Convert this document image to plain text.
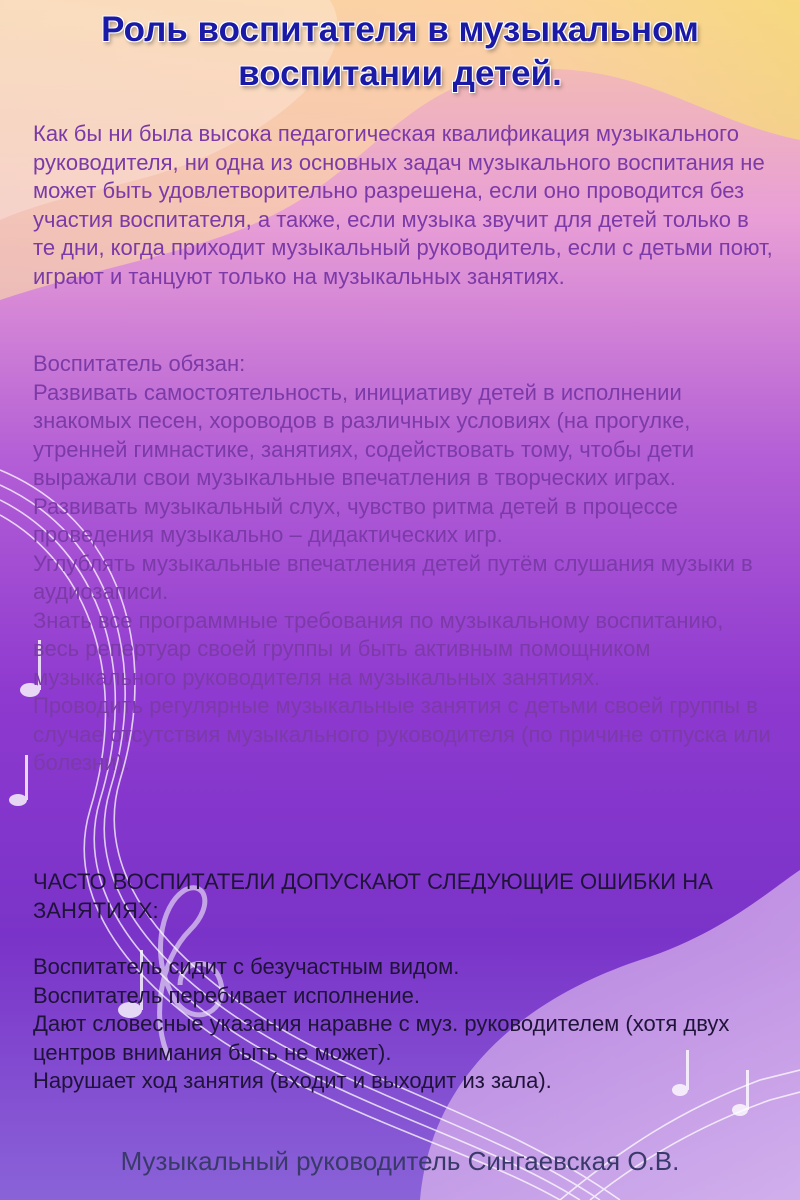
Роль воспитателя в музыкальном воспитании детей.

Как бы ни была высока педагогическая квалификация музыкального руководителя, ни одна из основных задач музыкального воспитания не может быть удовлетворительно разрешена, если оно проводится без участия воспитателя, а также, если музыка звучит для детей только в те дни, когда приходит музыкальный руководитель, если с детьми поют, играют и танцуют только на музыкальных занятиях.

Воспитатель обязан:

Развивать самостоятельность, инициативу детей в исполнении знакомых песен, хороводов в различных условиях (на прогулке, утренней гимнастике, занятиях, содействовать тому, чтобы дети выражали свои музыкальные впечатления в творческих играх.

Развивать музыкальный слух, чувство ритма детей в процессе проведения музыкально – дидактических игр.

Углублять музыкальные впечатления детей путём слушания музыки в аудиозаписи.

Знать все программные требования по музыкальному воспитанию, весь репертуар своей группы и быть активным помощником музыкального руководителя на музыкальных занятиях.

Проводить регулярные музыкальные занятия с детьми своей группы в случае отсутствия музыкального руководителя (по причине отпуска или болезни).

ЧАСТО ВОСПИТАТЕЛИ ДОПУСКАЮТ СЛЕДУЮЩИЕ ОШИБКИ НА ЗАНЯТИЯХ:

Воспитатель сидит с безучастным видом.

Воспитатель перебивает исполнение.

Дают словесные указания наравне с муз. руководителем (хотя двух центров внимания быть не может).

Нарушает ход занятия (входит и выходит из зала).

Музыкальный руководитель Сингаевская О.В.
